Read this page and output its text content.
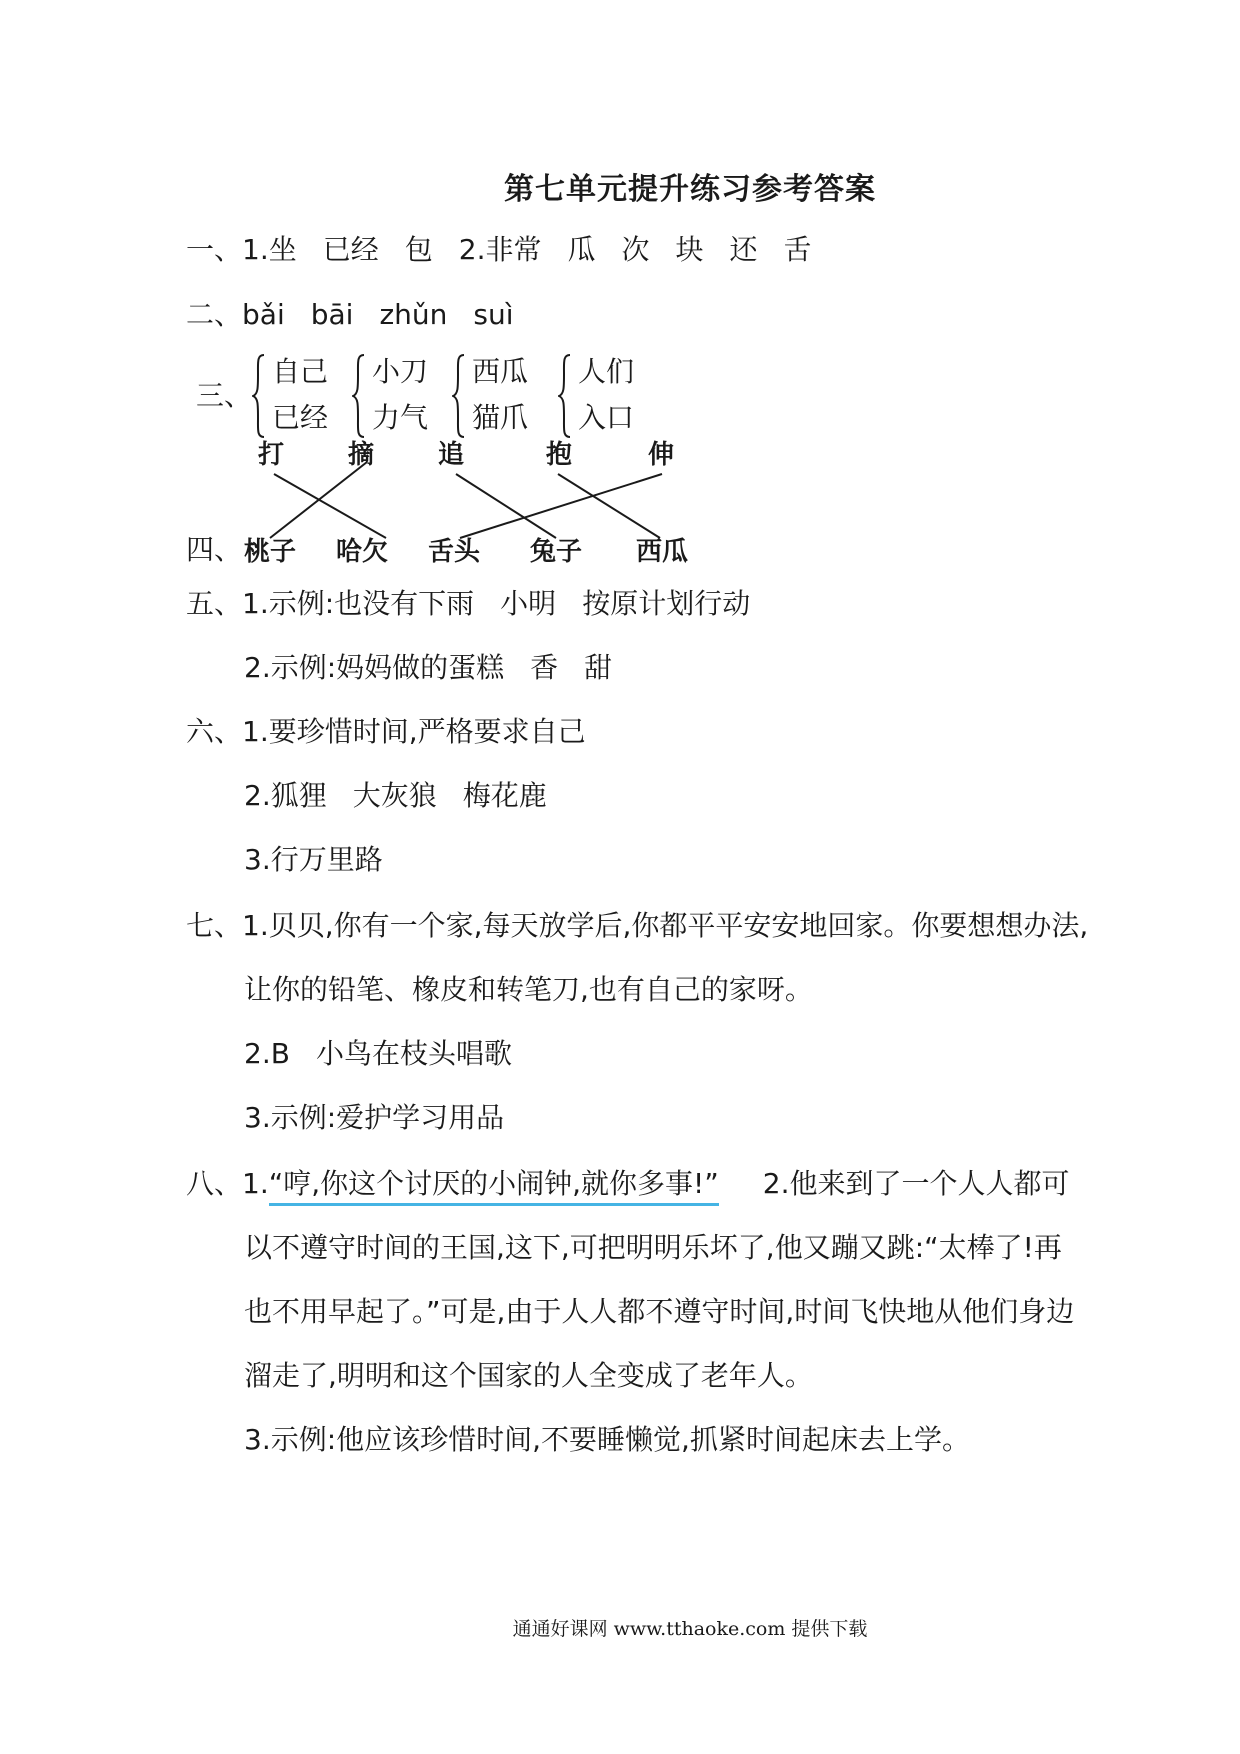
第七单元提升练习参考答案
一、1.坐 已经 包 2.非常 瓜 次 块 还 舌
二、bǎi bāi zhǔn suì
三、
自己
已经
小刀
力气
西瓜
猫爪
人们
入口
打 摘 追	抱	伸
四、 桃子 哈欠 舌头 兔子 西瓜
五、1.示例:也没有下雨 小明 按原计划行动
2.示例:妈妈做的蛋糕 香 甜
六、1.要珍惜时间,严格要求自己
2.狐狸 大灰狼 梅花鹿
3.行万里路
七、1.贝贝,你有一个家,每天放学后,你都平平安安地回家。你要想想办法,
让你的铅笔、橡皮和转笔刀,也有自己的家呀。
2.B 小鸟在枝头唱歌
3.示例:爱护学习用品
八、1.“哼,你这个讨厌的小闹钟,就你多事!” 2.他来到了一个人人都可
以不遵守时间的王国,这下,可把明明乐坏了,他又蹦又跳:“太棒了!再
也不用早起了。”可是,由于人人都不遵守时间,时间飞快地从他们身边
溜走了,明明和这个国家的人全变成了老年人。
3.示例:他应该珍惜时间,不要睡懒觉,抓紧时间起床去上学。
通通好课网 www.tthaoke.com 提供下载
